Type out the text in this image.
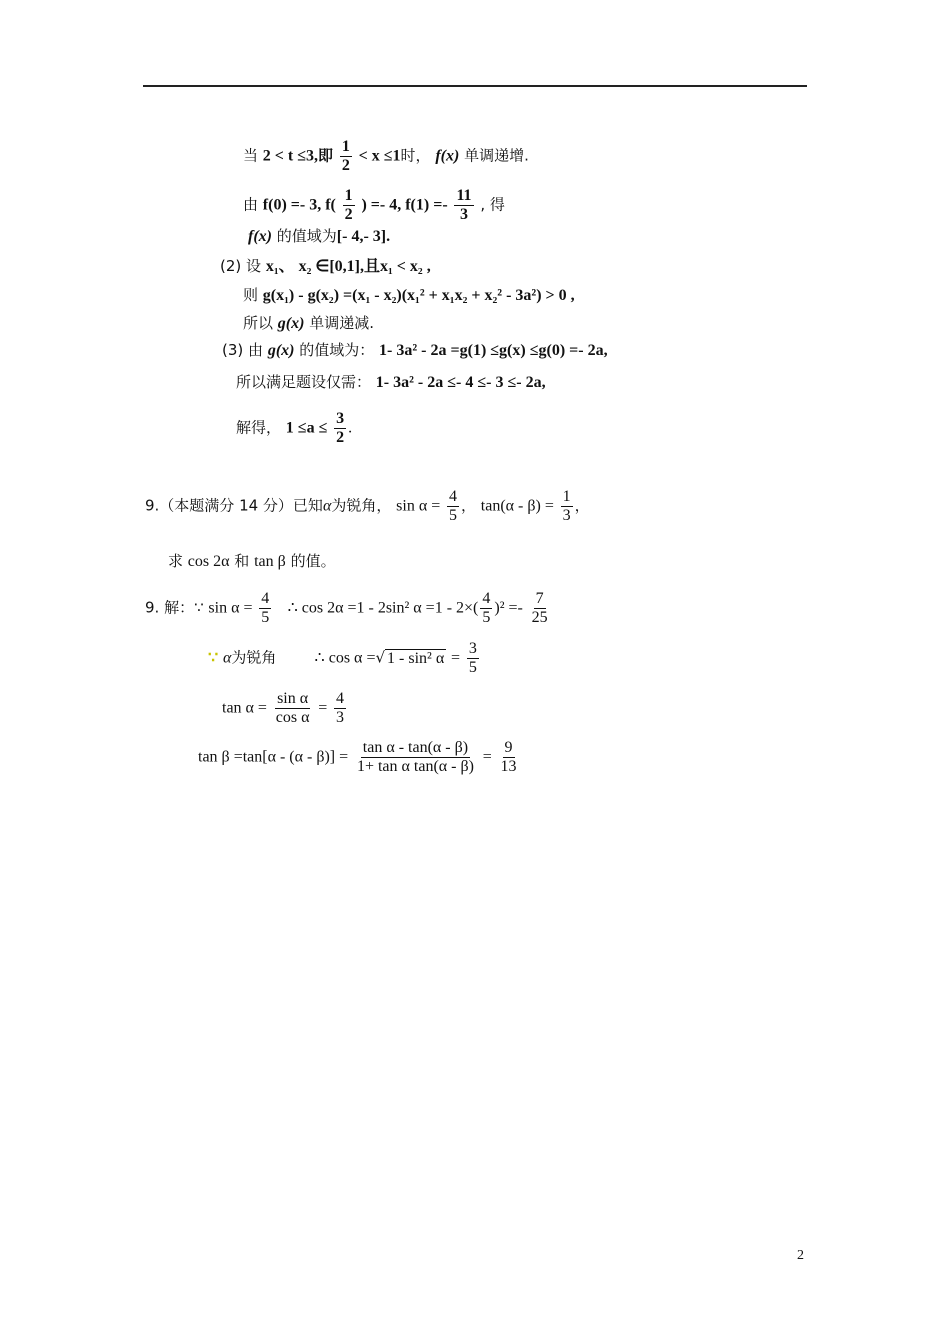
当 2 < t ≤3,即 $\frac{1}{2} < x \le 1$时， f(x) 单调递增.
由 f(0) =- 3, $f( \frac{1}{2}$ ) =- 4, $f(1) =- \frac{11}{3}$ , 得
f(x) 的值域为[- 4,- 3].
(2) 设 x₁、 x₂ ∈[0,1],且x₁ < x₂ ,
则 g(x₁) - g(x₂) =(x₁ - x₂)(x₁² + x₁x₂ + x₂² - 3a²) > 0 ,
所以 g(x) 单调递减.
(3) 由 g(x) 的值域为： 1- 3a² - 2a =g(1) ≤g(x) ≤g(0) =- 2a,
所以满足题设仅需： 1- 3a² - 2a ≤- 4 ≤- 3 ≤- 2a,
解得， $1 \le a \le \frac{3}{2}$ .
9.（本题满分 14 分）已知α为锐角， $\sin \alpha = \frac{4}{5}$ ， $\tan(\alpha - \beta) = \frac{1}{3}$ ，
求 cos 2α 和 tan β 的值。
9. 解：∵ $\sin \alpha = \frac{4}{5}$ ∴ cos 2α =1 - 2sin² $\alpha =1 - 2\times( \frac{4}{5} )^2 =- \frac{7}{25}$
∵ α为锐角 ∴ cos α =√ 1 - sin² $\alpha = \frac{3}{5}$
$\tan \alpha = \frac{\text{sin α}}{\text{cos α}} = \frac{4}{3}$
$\tan \beta =\tan[\alpha - (\alpha - \beta)] = \frac{\text{tan α - tan(α - β)}}{\text{1+ tan α tan(α - β)}} = \frac{9}{13}$
2
